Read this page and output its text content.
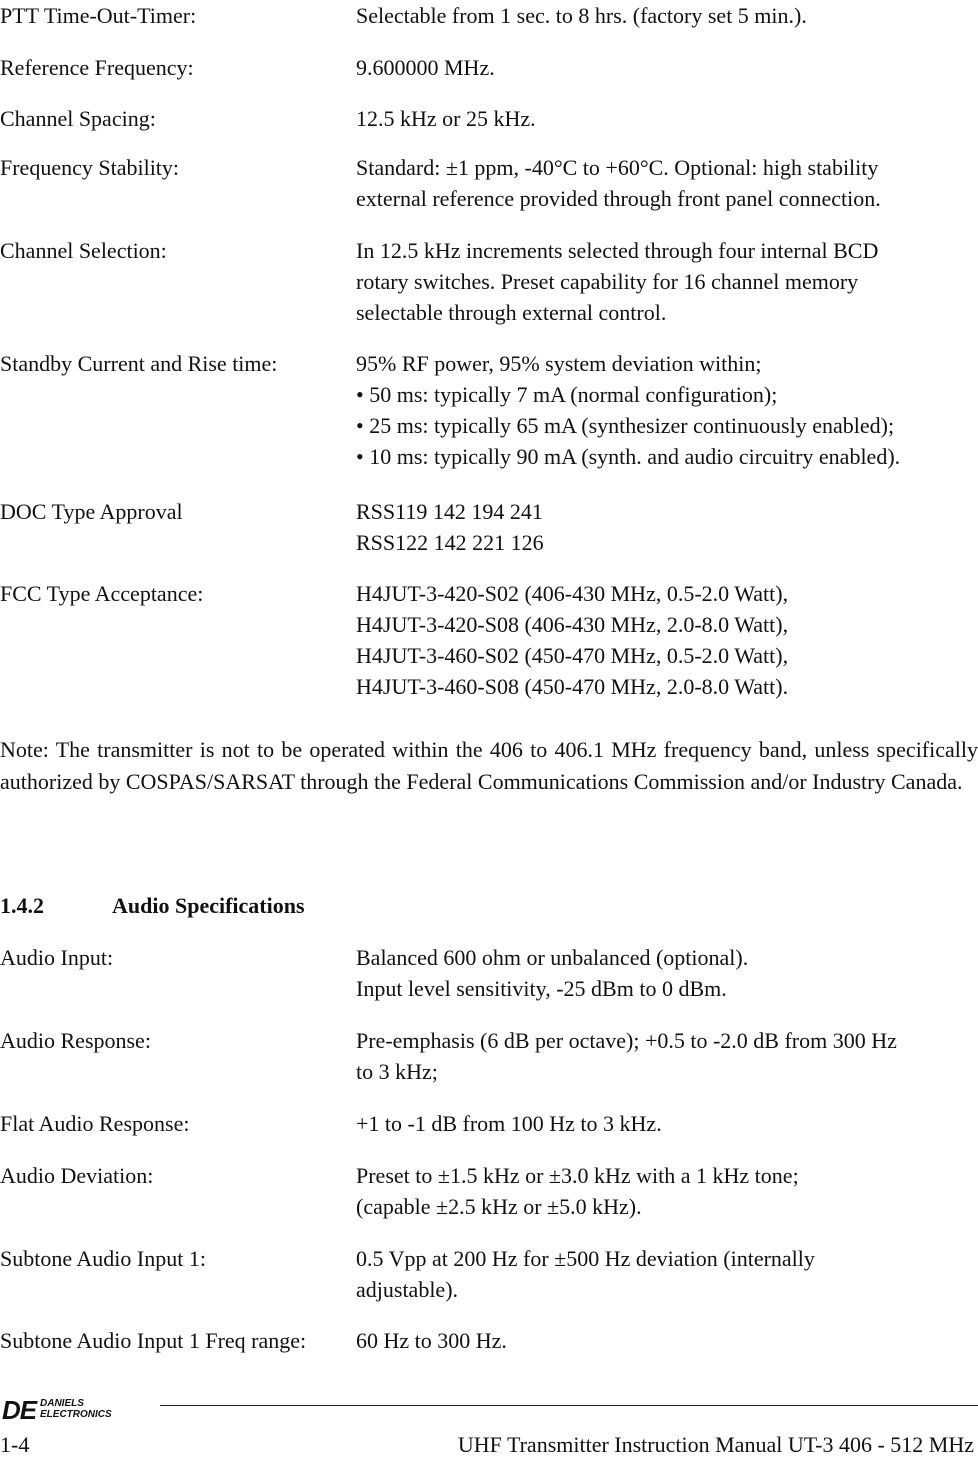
PTT Time-Out-Timer:	Selectable from 1 sec. to 8 hrs. (factory set 5 min.).
Reference Frequency:	9.600000 MHz.
Channel Spacing:	12.5 kHz or 25 kHz.
Frequency Stability:	Standard: ±1 ppm, -40°C to +60°C. Optional: high stability
external reference provided through front panel connection.
Channel Selection:	In 12.5 kHz increments selected through four internal BCD
rotary switches. Preset capability for 16 channel memory
selectable through external control.
Standby Current and Rise time:	95% RF power, 95% system deviation within;
• 50 ms: typically 7 mA (normal configuration);
• 25 ms: typically 65 mA (synthesizer continuously enabled);
• 10 ms: typically 90 mA (synth. and audio circuitry enabled).
DOC Type Approval	RSS119 142 194 241
RSS122 142 221 126
FCC Type Acceptance:	H4JUT-3-420-S02 (406-430 MHz, 0.5-2.0 Watt),
H4JUT-3-420-S08 (406-430 MHz, 2.0-8.0 Watt),
H4JUT-3-460-S02 (450-470 MHz, 0.5-2.0 Watt),
H4JUT-3-460-S08 (450-470 MHz, 2.0-8.0 Watt).
Note: The transmitter is not to be operated within the 406 to 406.1 MHz frequency band, unless specifically authorized by COSPAS/SARSAT through the Federal Communications Commission and/or Industry Canada.
1.4.2	Audio Specifications
Audio Input:	Balanced 600 ohm or unbalanced (optional).
Input level sensitivity, -25 dBm to 0 dBm.
Audio Response:	Pre-emphasis (6 dB per octave); +0.5 to -2.0 dB from 300 Hz
to 3 kHz;
Flat Audio Response:	+1 to -1 dB from 100 Hz to 3 kHz.
Audio Deviation:	Preset to ±1.5 kHz or ±3.0 kHz with a 1 kHz tone;
(capable ±2.5 kHz or ±5.0 kHz).
Subtone Audio Input 1:	0.5 Vpp at 200 Hz for ±500 Hz deviation (internally
adjustable).
Subtone Audio Input 1 Freq range: 60 Hz to 300 Hz.
DE DANIELS
ELECTRONICS
1-4	UHF Transmitter Instruction Manual UT-3 406 - 512 MHz
